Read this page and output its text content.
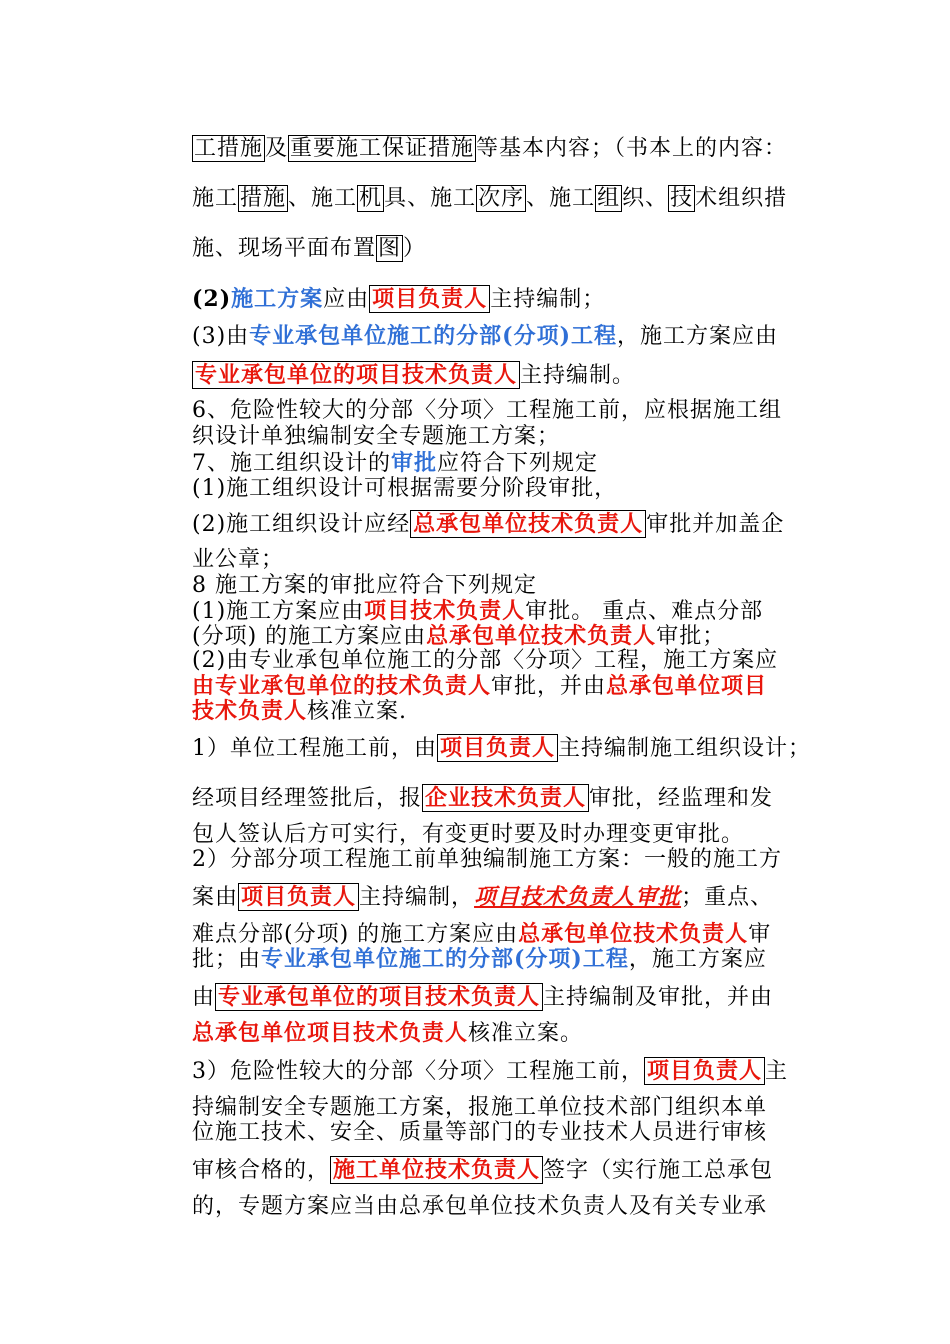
工措施及重要施工保证措施等基本内容；（书本上的内容：
施工措施、施工机具、施工次序、施工组织、技术组织措
施、现场平面布置图）
(2)施工方案应由 项目负责人 主持编制；
(3)由专业承包单位施工的分部(分项)工程，施工方案应由
专业承包单位的项目技术负责人 主持编制。
6、危险性较大的分部〈分项〉工程施工前，应根据施工组
织设计单独编制安全专题施工方案；
7、施工组织设计的审批应符合下列规定
(1)施工组织设计可根据需要分阶段审批，
(2)施工组织设计应经 总承包单位技术负责人 审批并加盖企
业公章；
8 施工方案的审批应符合下列规定
(1)施工方案应由项目技术负责人审批。 重点、难点分部
(分项) 的施工方案应由总承包单位技术负责人审批；
(2)由专业承包单位施工的分部〈分项〉工程，施工方案应
由专业承包单位的技术负责人审批，并由总承包单位项目
技术负责人核准立案.
1）单位工程施工前，由 项目负责人 主持编制施工组织设计；
经项目经理签批后，报 企业技术负责人 审批，经监理和发
包人签认后方可实行，有变更时要及时办理变更审批。
2）分部分项工程施工前单独编制施工方案：一般的施工方
案由 项目负责人 主持编制，项目技术负责人审批；重点、
难点分部(分项) 的施工方案应由总承包单位技术负责人审
批；由专业承包单位施工的分部(分项)工程，施工方案应
由 专业承包单位的项目技术负责人 主持编制及审批，并由
总承包单位项目技术负责人核准立案。
3）危险性较大的分部〈分项〉工程施工前， 项目负责人 主
持编制安全专题施工方案，报施工单位技术部门组织本单
位施工技术、安全、质量等部门的专业技术人员进行审核
审核合格的， 施工单位技术负责人 签字（实行施工总承包
的，专题方案应当由总承包单位技术负责人及有关专业承
